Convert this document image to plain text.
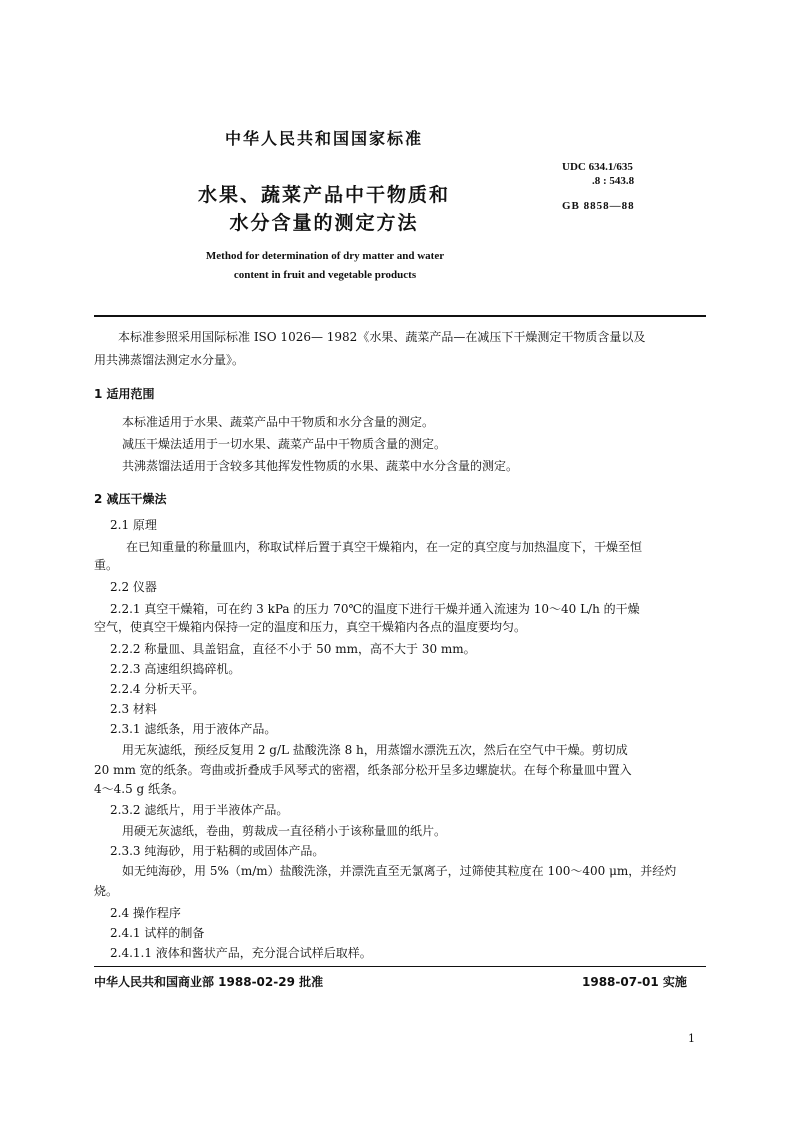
中华人民共和国国家标准
水果、蔬菜产品中干物质和
水分含量的测定方法
Method for determination of dry matter and water
content in fruit and vegetable products
UDC 634.1/635
.8 : 543.8
GB 8858—88
本标准参照采用国际标准 ISO 1026— 1982《水果、蔬菜产品—在减压下干燥测定干物质含量以及
用共沸蒸馏法测定水分量》。
1 适用范围
本标准适用于水果、蔬菜产品中干物质和水分含量的测定。
减压干燥法适用于一切水果、蔬菜产品中干物质含量的测定。
共沸蒸馏法适用于含较多其他挥发性物质的水果、蔬菜中水分含量的测定。
2 减压干燥法
2.1 原理
在已知重量的称量皿内，称取试样后置于真空干燥箱内，在一定的真空度与加热温度下，干燥至恒
重。
2.2 仪器
2.2.1 真空干燥箱，可在约 3 kPa 的压力 70℃的温度下进行干燥并通入流速为 10～40 L/h 的干燥
空气，使真空干燥箱内保持一定的温度和压力，真空干燥箱内各点的温度要均匀。
2.2.2 称量皿、具盖铝盒，直径不小于 50 mm，高不大于 30 mm。
2.2.3 高速组织捣碎机。
2.2.4 分析天平。
2.3 材料
2.3.1 滤纸条，用于液体产品。
用无灰滤纸，预经反复用 2 g/L 盐酸洗涤 8 h，用蒸馏水漂洗五次，然后在空气中干燥。剪切成
20 mm 宽的纸条。弯曲或折叠成手风琴式的密褶，纸条部分松开呈多边螺旋状。在每个称量皿中置入
4～4.5 g 纸条。
2.3.2 滤纸片，用于半液体产品。
用硬无灰滤纸，卷曲，剪裁成一直径稍小于该称量皿的纸片。
2.3.3 纯海砂，用于粘稠的或固体产品。
如无纯海砂，用 5%（m/m）盐酸洗涤，并漂洗直至无氯离子，过筛使其粒度在 100～400 μm，并经灼
烧。
2.4 操作程序
2.4.1 试样的制备
2.4.1.1 液体和酱状产品，充分混合试样后取样。
中华人民共和国商业部 1988-02-29 批准	1988-07-01 实施
1
